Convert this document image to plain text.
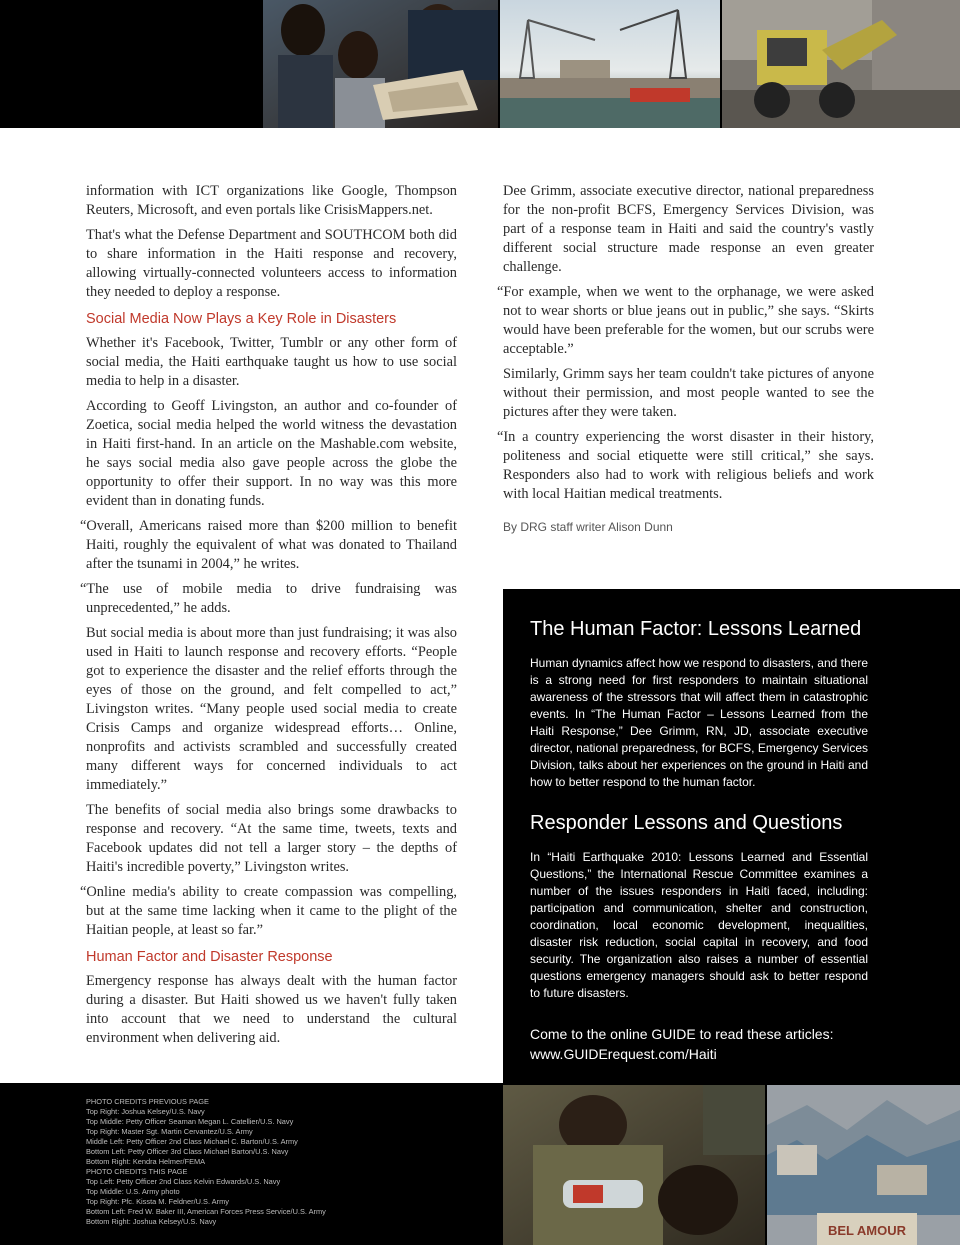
information with ICT organizations like Google, Thompson Reuters, Microsoft, and even portals like CrisisMappers.net.

That's what the Defense Department and SOUTHCOM both did to share information in the Haiti response and recovery, allowing virtually-connected volunteers access to information they needed to deploy a response.

Social Media Now Plays a Key Role in Disasters

Whether it's Facebook, Twitter, Tumblr or any other form of social media, the Haiti earthquake taught us how to use social media to help in a disaster.

According to Geoff Livingston, an author and co-founder of Zoetica, social media helped the world witness the devastation in Haiti first-hand. In an article on the Mashable.com website, he says social media also gave people across the globe the opportunity to offer their support. In no way was this more evident than in donating funds.

“Overall, Americans raised more than $200 million to benefit Haiti, roughly the equivalent of what was donated to Thailand after the tsunami in 2004,” he writes.

“The use of mobile media to drive fundraising was unprecedented,” he adds.

But social media is about more than just fundraising; it was also used in Haiti to launch response and recovery efforts. “People got to experience the disaster and the relief efforts through the eyes of those on the ground, and felt compelled to act,” Livingston writes. “Many people used social media to create Crisis Camps and organize widespread efforts… Online, nonprofits and activists scrambled and successfully created many different ways for concerned individuals to act immediately.”

The benefits of social media also brings some drawbacks to response and recovery. “At the same time, tweets, texts and Facebook updates did not tell a larger story – the depths of Haiti's incredible poverty,” Livingston writes.

“Online media's ability to create compassion was compelling, but at the same time lacking when it came to the plight of the Haitian people, at least so far.”

Human Factor and Disaster Response

Emergency response has always dealt with the human factor during a disaster. But Haiti showed us we haven't fully taken into account that we need to understand the cultural environment when delivering aid.

Dee Grimm, associate executive director, national preparedness for the non-profit BCFS, Emergency Services Division, was part of a response team in Haiti and said the country's vastly different social structure made response an even greater challenge.

“For example, when we went to the orphanage, we were asked not to wear shorts or blue jeans out in public,” she says. “Skirts would have been preferable for the women, but our scrubs were acceptable.”

Similarly, Grimm says her team couldn't take pictures of anyone without their permission, and most people wanted to see the pictures after they were taken.

“In a country experiencing the worst disaster in their history, politeness and social etiquette were still critical,” she says. Responders also had to work with religious beliefs and work with local Haitian medical treatments.

By DRG staff writer Alison Dunn
The Human Factor: Lessons Learned

Human dynamics affect how we respond to disasters, and there is a strong need for first responders to maintain situational awareness of the stressors that will affect them in catastrophic events. In “The Human Factor – Lessons Learned from the Haiti Response,” Dee Grimm, RN, JD, associate executive director, national preparedness, for BCFS, Emergency Services Division, talks about her experiences on the ground in Haiti and how to better respond to the human factor.

Responder Lessons and Questions

In “Haiti Earthquake 2010: Lessons Learned and Essential Questions,” the International Rescue Committee examines a number of the issues responders in Haiti faced, including: participation and communication, shelter and construction, coordination, local economic development, inequalities, disaster risk reduction, social capital in recovery, and food security. The organization also raises a number of essential questions emergency managers should ask to better respond to future disasters.

Come to the online GUIDE to read these articles:
www.GUIDErequest.com/Haiti

BEL AMOUR
PHOTO CREDITS PREVIOUS PAGE
Top Right: Joshua Kelsey/U.S. Navy
Top Middle: Petty Officer Seaman Megan L. Catellier/U.S. Navy
Top Right: Master Sgt. Martin Cervantez/U.S. Army
Middle Left: Petty Officer 2nd Class Michael C. Barton/U.S. Army
Bottom Left: Petty Officer 3rd Class Michael Barton/U.S. Navy
Bottom Right: Kendra Helmer/FEMA
PHOTO CREDITS THIS PAGE
Top Left: Petty Officer 2nd Class Kelvin Edwards/U.S. Navy
Top Middle: U.S. Army photo
Top Right: Pfc. Kissta M. Feldner/U.S. Army
Bottom Left: Fred W. Baker III, American Forces Press Service/U.S. Army
Bottom Right: Joshua Kelsey/U.S. Navy
